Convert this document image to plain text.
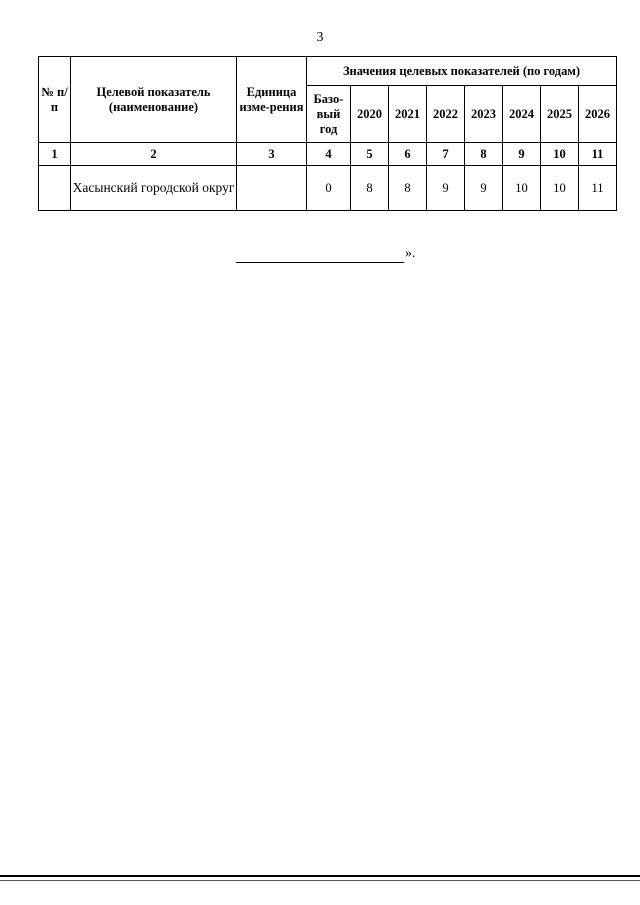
3
№ п/п	Целевой показатель (наименование)	Единица изме-рения	Значения целевых показателей (по годам)							
			Базо-вый год	2020	2021	2022	2023	2024	2025	2026
1	2	3	4	5	6	7	8	9	10	11
	Хасынский городской округ		0	8	8	9	9	10	10	11
».
